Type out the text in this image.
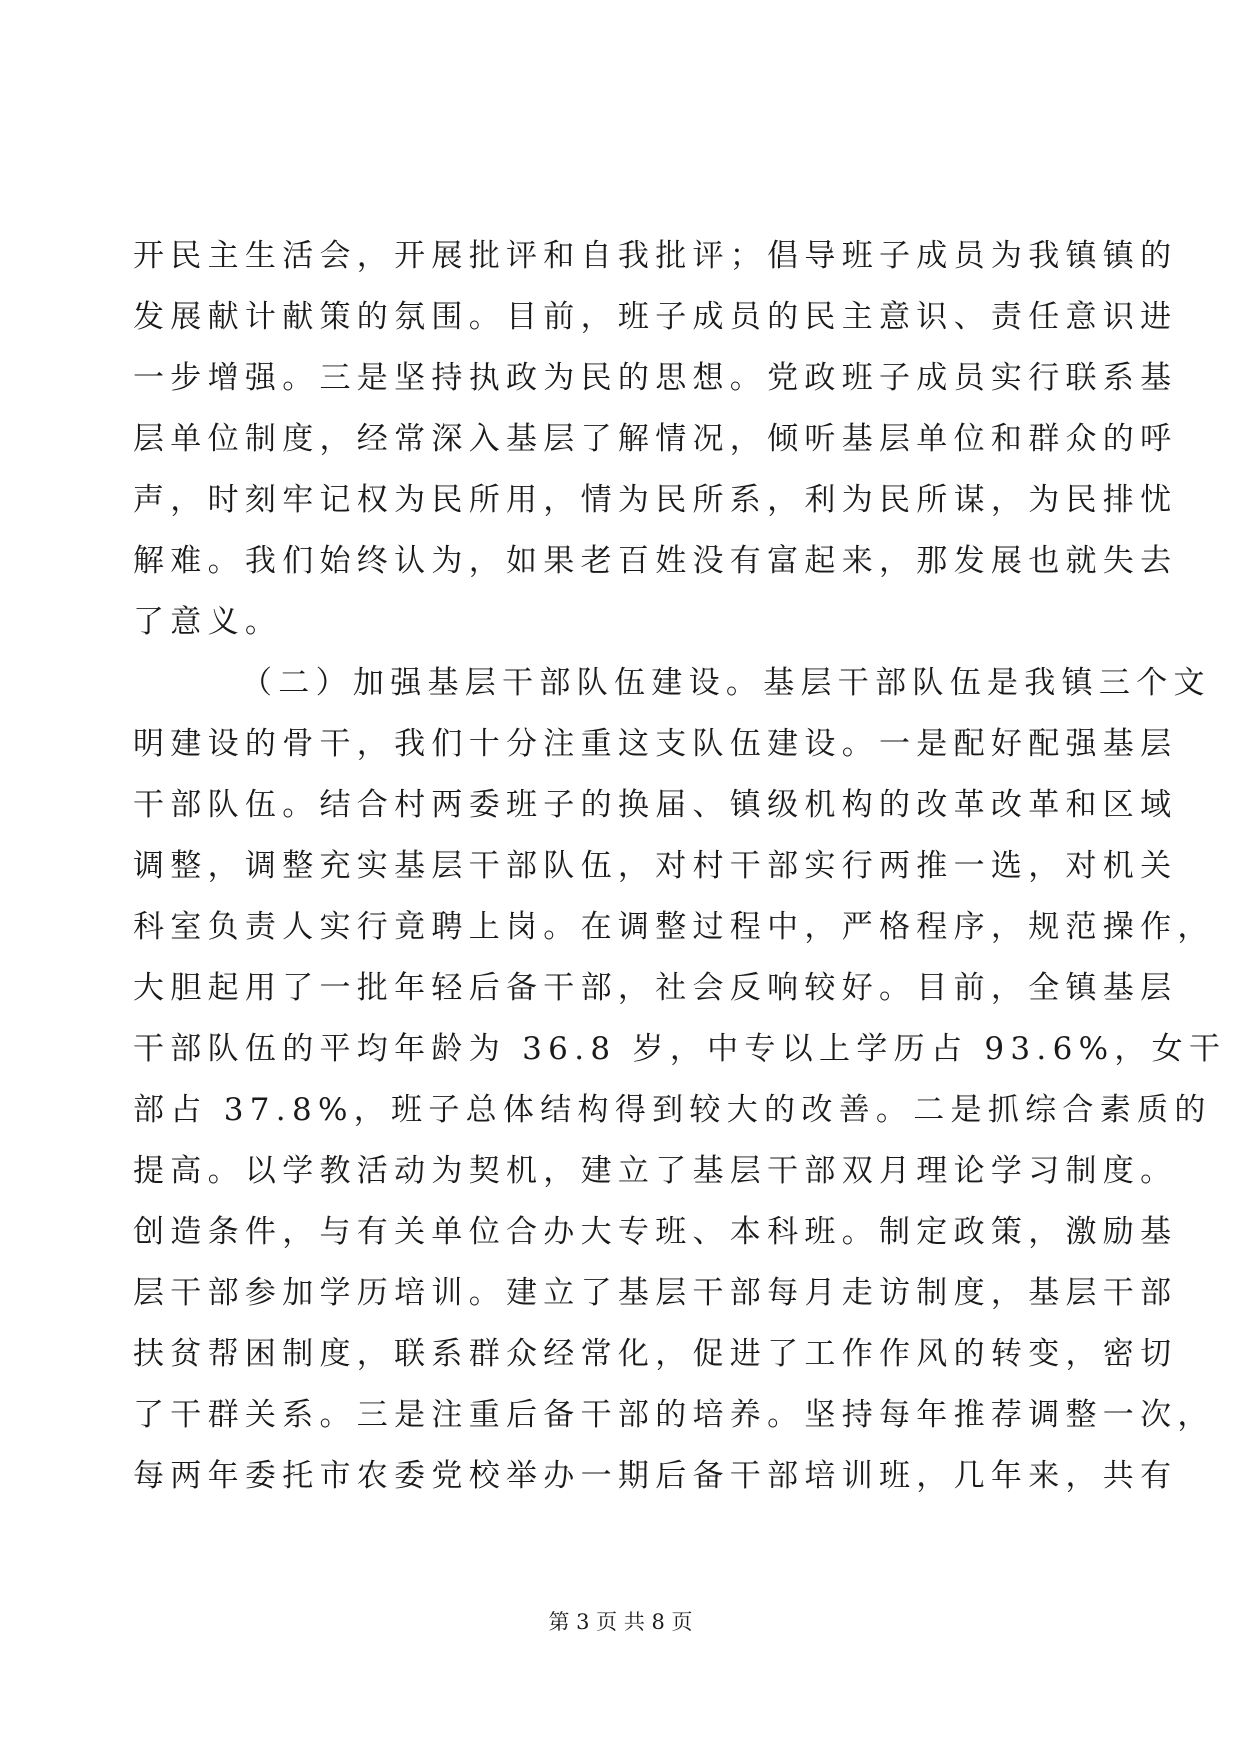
开民主生活会，开展批评和自我批评；倡导班子成员为我镇镇的
发展献计献策的氛围。目前，班子成员的民主意识、责任意识进
一步增强。三是坚持执政为民的思想。党政班子成员实行联系基
层单位制度，经常深入基层了解情况，倾听基层单位和群众的呼
声，时刻牢记权为民所用，情为民所系，利为民所谋，为民排忧
解难。我们始终认为，如果老百姓没有富起来，那发展也就失去
了意义。
（二）加强基层干部队伍建设。基层干部队伍是我镇三个文
明建设的骨干，我们十分注重这支队伍建设。一是配好配强基层
干部队伍。结合村两委班子的换届、镇级机构的改革改革和区域
调整，调整充实基层干部队伍，对村干部实行两推一选，对机关
科室负责人实行竟聘上岗。在调整过程中，严格程序，规范操作，
大胆起用了一批年轻后备干部，社会反响较好。目前，全镇基层
干部队伍的平均年龄为 36.8 岁，中专以上学历占 93.6%，女干
部占 37.8%，班子总体结构得到较大的改善。二是抓综合素质的
提高。以学教活动为契机，建立了基层干部双月理论学习制度。
创造条件，与有关单位合办大专班、本科班。制定政策，激励基
层干部参加学历培训。建立了基层干部每月走访制度，基层干部
扶贫帮困制度，联系群众经常化，促进了工作作风的转变，密切
了干群关系。三是注重后备干部的培养。坚持每年推荐调整一次，
每两年委托市农委党校举办一期后备干部培训班，几年来，共有
第 3 页 共 8 页
